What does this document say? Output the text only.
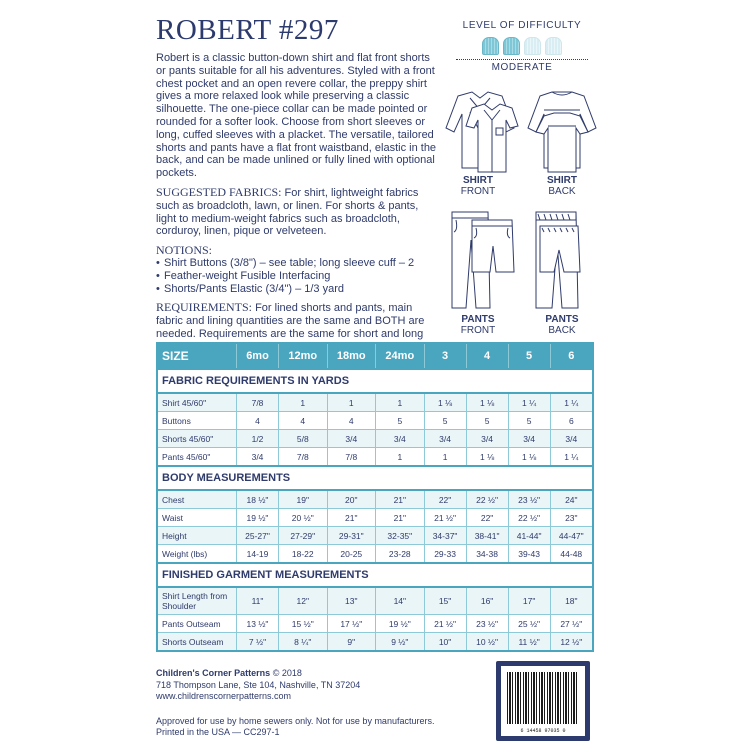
ROBERT #297

Robert is a classic button-down shirt and flat front shorts or pants suitable for all his adventures. Styled with a front chest pocket and an open revere collar, the preppy shirt gives a more relaxed look while preserving a classic silhouette. The one-piece collar can be made pointed or rounded for a softer look. Choose from short sleeves or long, cuffed sleeves with a placket. The versatile, tailored shorts and pants have a flat front waistband, elastic in the back, and can be made unlined or fully lined with optional pockets.

SUGGESTED FABRICS: For shirt, lightweight fabrics such as broadcloth, lawn, or linen. For shorts & pants, light to medium-weight fabrics such as broadcloth, corduroy, linen, pique or velveteen.

NOTIONS:
• Shirt Buttons (3/8") – see table; long sleeve cuff – 2
• Feather-weight Fusible Interfacing
• Shorts/Pants Elastic (3/4") – 1/3 yard

REQUIREMENTS: For lined shorts and pants, main fabric and lining quantities are the same and BOTH are needed. Requirements are the same for short and long

LEVEL OF DIFFICULTY
MODERATE
SHIRT
FRONT
SHIRT
BACK
PANTS
FRONT
PANTS
BACK
SIZE	6mo	12mo	18mo	24mo	3	4	5	6
FABRIC REQUIREMENTS IN YARDS								
Shirt 45/60"	7/8	1	1	1	1 ⅛	1 ⅛	1 ¼	1 ¼
Buttons	4	4	4	5	5	5	5	6
Shorts 45/60"	1/2	5/8	3/4	3/4	3/4	3/4	3/4	3/4
Pants 45/60"	3/4	7/8	7/8	1	1	1 ⅛	1 ⅛	1 ¼
BODY MEASUREMENTS								
Chest	18 ½"	19"	20"	21"	22"	22 ½"	23 ½"	24"
Waist	19 ½"	20 ½"	21"	21"	21 ½"	22"	22 ½"	23"
Height	25-27"	27-29"	29-31"	32-35"	34-37"	38-41"	41-44"	44-47"
Weight (lbs)	14-19	18-22	20-25	23-28	29-33	34-38	39-43	44-48
FINISHED GARMENT MEASUREMENTS								
Shirt Length from Shoulder	11"	12"	13"	14"	15"	16"	17"	18"
Pants Outseam	13 ½"	15 ½"	17 ½"	19 ½"	21 ½"	23 ½"	25 ½"	27 ½"
Shorts Outseam	7 ½"	8 ¼"	9"	9 ½"	10"	10 ½"	11 ½"	12 ½"
Children's Corner Patterns © 2018
718 Thompson Lane, Ste 104, Nashville, TN 37204
www.childrenscornerpatterns.com
Approved for use by home sewers only. Not for use by manufacturers.
Printed in the USA — CC297-1	6 14458 97035 0
